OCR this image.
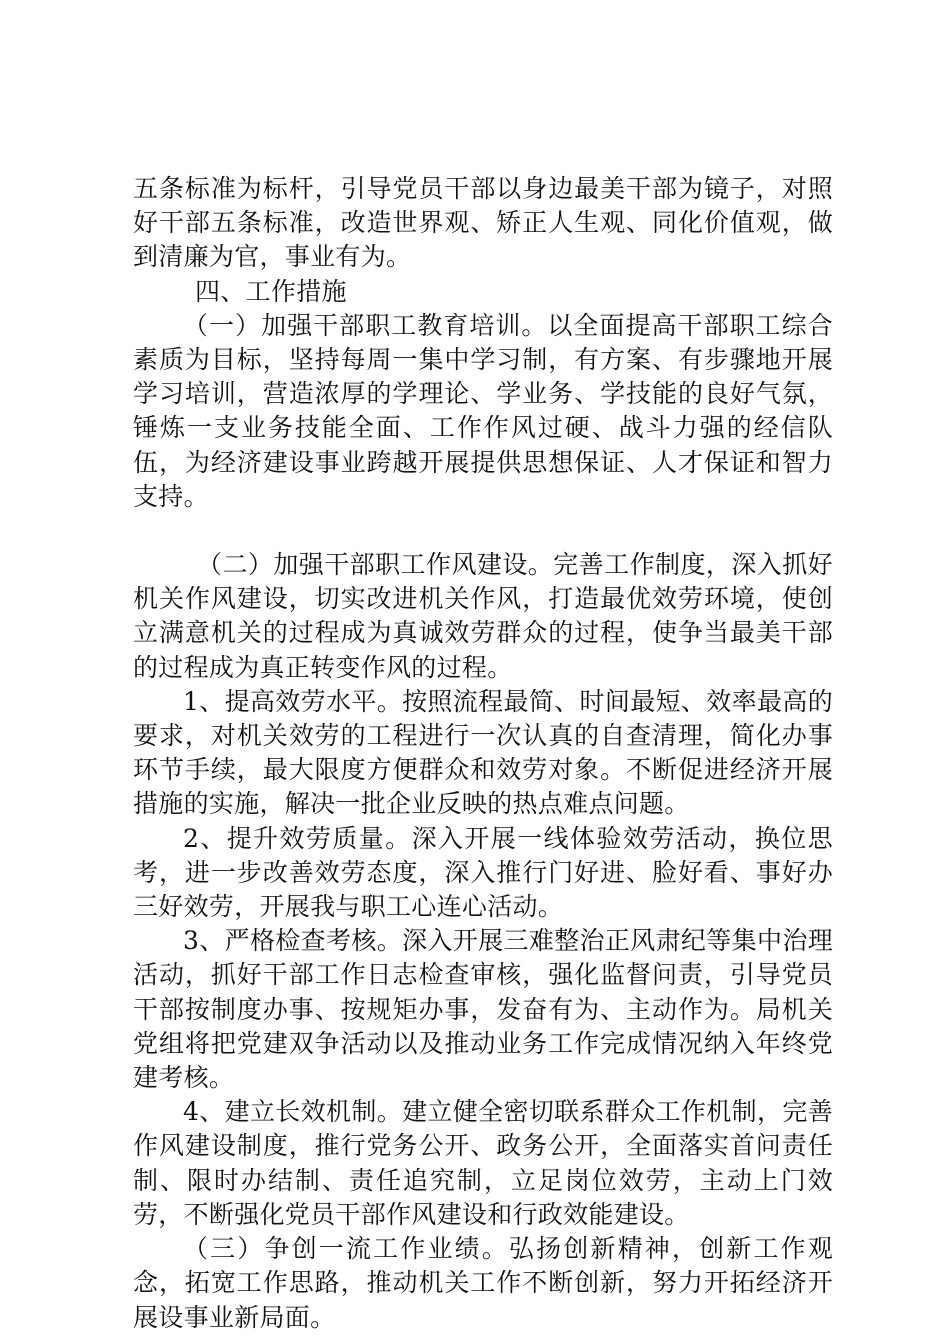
五条标准为标杆，引导党员干部以身边最美干部为镜子，对照好干部五条标准，改造世界观、矫正人生观、同化价值观，做到清廉为官，事业有为。

四、工作措施

（一）加强干部职工教育培训。以全面提高干部职工综合素质为目标，坚持每周一集中学习制，有方案、有步骤地开展学习培训，营造浓厚的学理论、学业务、学技能的良好气氛，锤炼一支业务技能全面、工作作风过硬、战斗力强的经信队伍，为经济建设事业跨越开展提供思想保证、人才保证和智力支持。

（二）加强干部职工作风建设。完善工作制度，深入抓好机关作风建设，切实改进机关作风，打造最优效劳环境，使创立满意机关的过程成为真诚效劳群众的过程，使争当最美干部的过程成为真正转变作风的过程。

1、提高效劳水平。按照流程最简、时间最短、效率最高的要求，对机关效劳的工程进行一次认真的自查清理，简化办事环节手续，最大限度方便群众和效劳对象。不断促进经济开展措施的实施，解决一批企业反映的热点难点问题。

2、提升效劳质量。深入开展一线体验效劳活动，换位思考，进一步改善效劳态度，深入推行门好进、脸好看、事好办三好效劳，开展我与职工心连心活动。

3、严格检查考核。深入开展三难整治正风肃纪等集中治理活动，抓好干部工作日志检查审核，强化监督问责，引导党员干部按制度办事、按规矩办事，发奋有为、主动作为。局机关党组将把党建双争活动以及推动业务工作完成情况纳入年终党建考核。

4、建立长效机制。建立健全密切联系群众工作机制，完善作风建设制度，推行党务公开、政务公开，全面落实首问责任制、限时办结制、责任追究制，立足岗位效劳，主动上门效劳，不断强化党员干部作风建设和行政效能建设。

（三）争创一流工作业绩。弘扬创新精神，创新工作观念，拓宽工作思路，推动机关工作不断创新，努力开拓经济开展设事业新局面。
